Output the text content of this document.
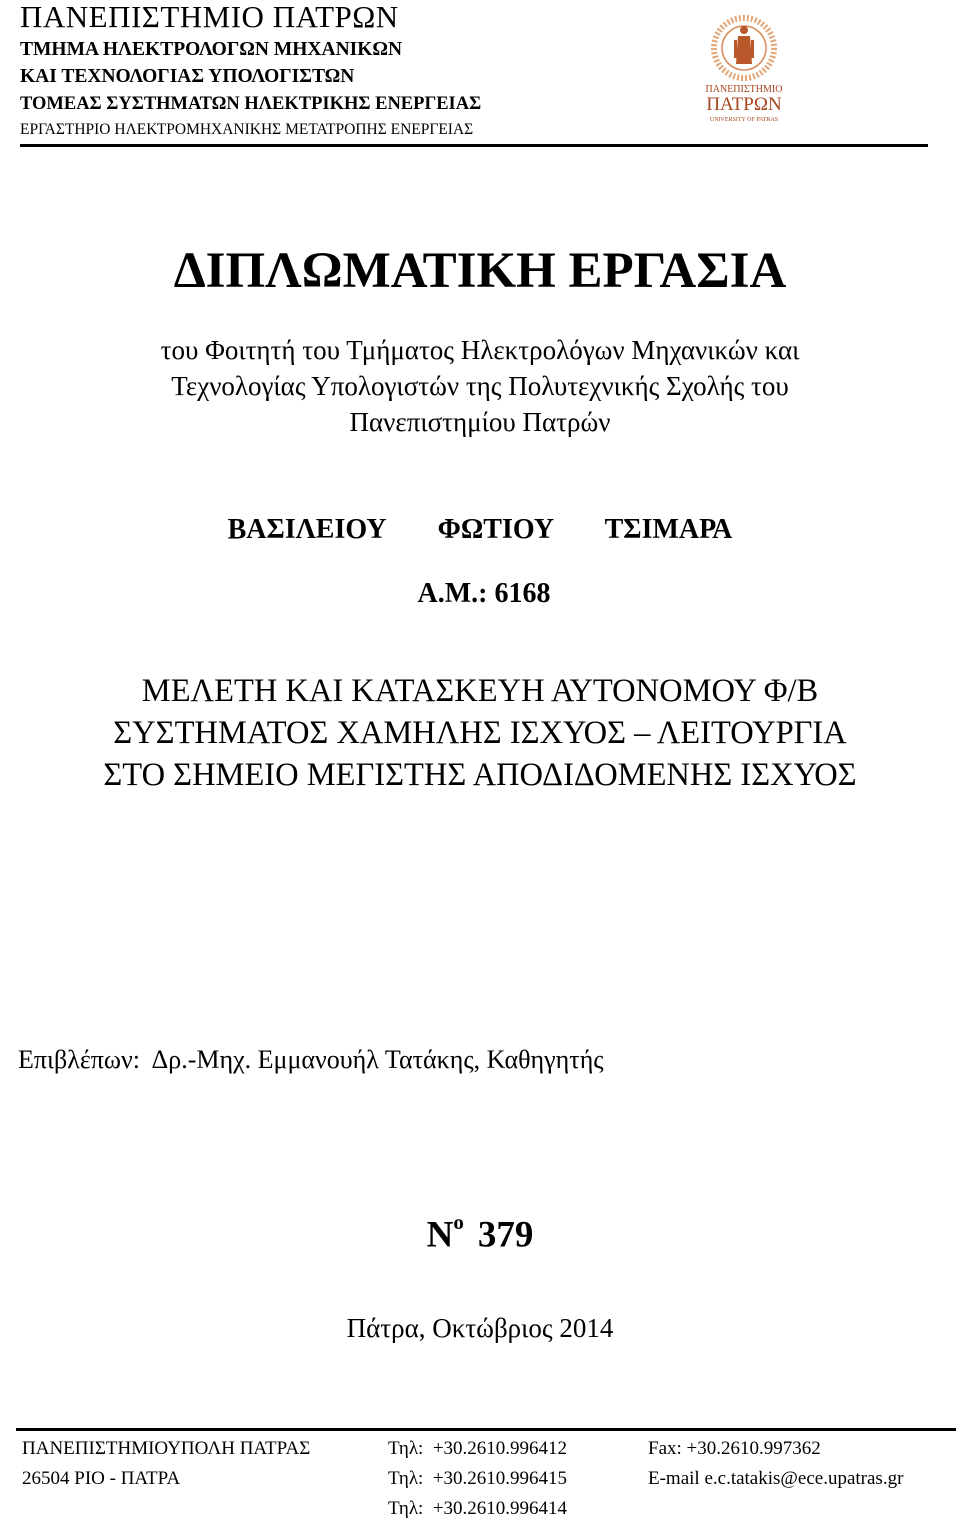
ΠΑΝΕΠΙΣΤΗΜΙΟ ΠΑΤΡΩΝ
ΤΜΗΜΑ ΗΛΕΚΤΡΟΛΟΓΩΝ ΜΗΧΑΝΙΚΩΝ
ΚΑΙ ΤΕΧΝΟΛΟΓΙΑΣ ΥΠΟΛΟΓΙΣΤΩΝ
ΤΟΜΕΑΣ ΣΥΣΤΗΜΑΤΩΝ ΗΛΕΚΤΡΙΚΗΣ ΕΝΕΡΓΕΙΑΣ
ΕΡΓΑΣΤΗΡΙΟ ΗΛΕΚΤΡΟΜΗΧΑΝΙΚΗΣ ΜΕΤΑΤΡΟΠΗΣ ΕΝΕΡΓΕΙΑΣ
ΠΑΝΕΠΙΣΤΗΜΙΟ
ΠΑΤΡΩΝ
UNIVERSITY OF PATRAS
ΔΙΠΛΩΜΑΤΙΚΗ ΕΡΓΑΣΙΑ
του Φοιτητή του Τμήματος Ηλεκτρολόγων Μηχανικών και
Τεχνολογίας Υπολογιστών της Πολυτεχνικής Σχολής του
Πανεπιστημίου Πατρών
ΒΑΣΙΛΕΙΟΥ   ΦΩΤΙΟΥ   ΤΣΙΜΑΡΑ
Α.Μ.: 6168
ΜΕΛΕΤΗ ΚΑΙ ΚΑΤΑΣΚΕΥΗ ΑΥΤΟΝΟΜΟΥ Φ/Β
ΣΥΣΤΗΜΑΤΟΣ ΧΑΜΗΛΗΣ ΙΣΧΥΟΣ – ΛΕΙΤΟΥΡΓΙΑ
ΣΤΟ ΣΗΜΕΙΟ ΜΕΓΙΣΤΗΣ ΑΠΟΔΙΔΟΜΕΝΗΣ ΙΣΧΥΟΣ
Επιβλέπων:  Δρ.-Μηχ. Εμμανουήλ Τατάκης, Καθηγητής
$N^o$ 379
Πάτρα, Οκτώβριος 2014
ΠΑΝΕΠΙΣΤΗΜΙΟΥΠΟΛΗ ΠΑΤΡΑΣ
26504 ΡΙΟ - ΠΑΤΡΑ
Τηλ:  +30.2610.996412
Τηλ:  +30.2610.996415
Τηλ:  +30.2610.996414
Fax: +30.2610.997362
E-mail e.c.tatakis@ece.upatras.gr
